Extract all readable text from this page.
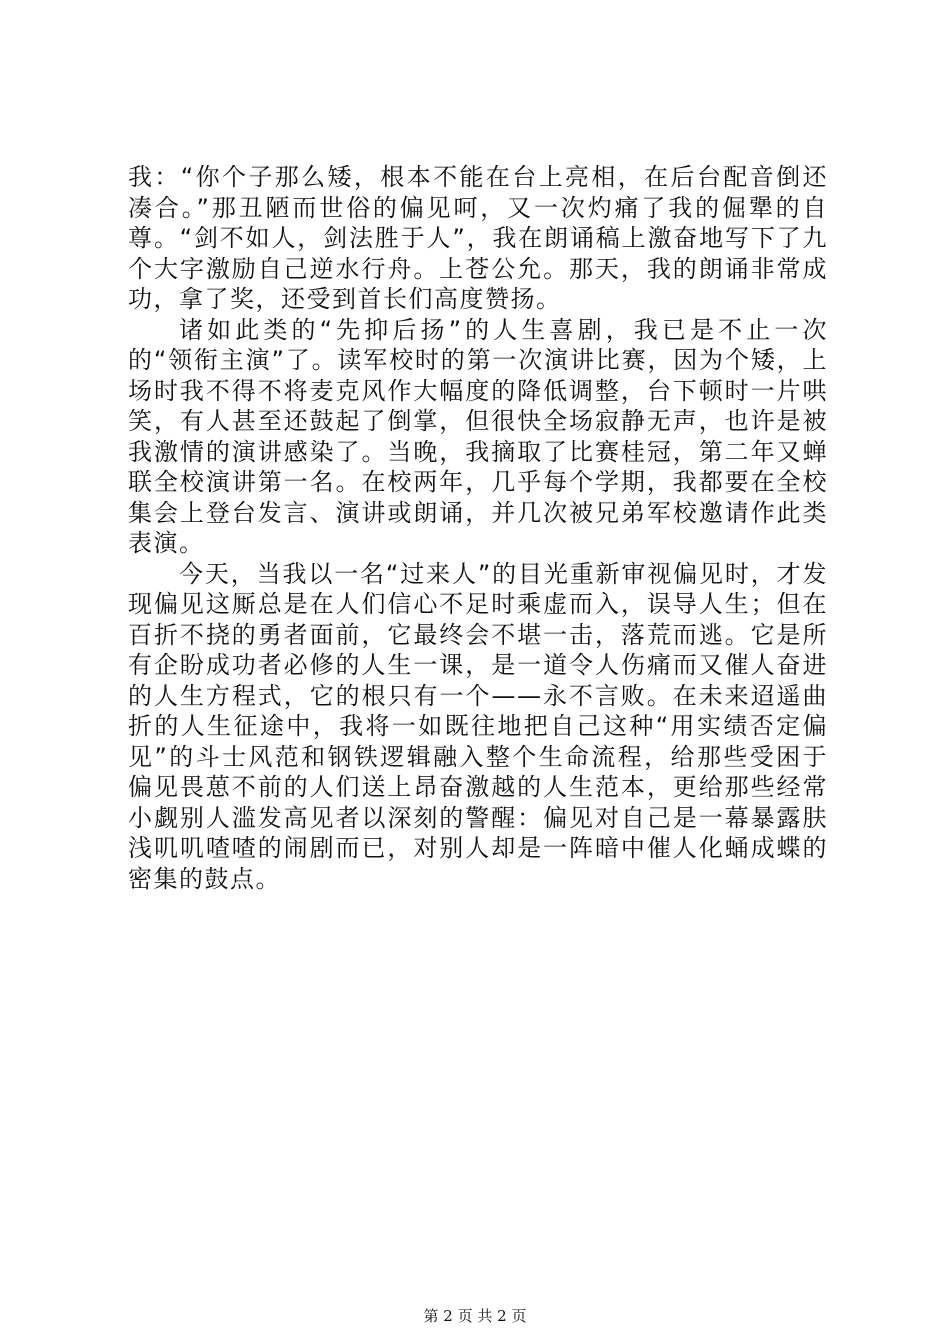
我：“你个子那么矮，根本不能在台上亮相，在后台配音倒还凑合。”那丑陋而世俗的偏见呵，又一次灼痛了我的倔犟的自尊。“剑不如人，剑法胜于人”，我在朗诵稿上激奋地写下了九个大字激励自己逆水行舟。上苍公允。那天，我的朗诵非常成功，拿了奖，还受到首长们高度赞扬。

诸如此类的“先抑后扬”的人生喜剧，我已是不止一次的“领衔主演”了。读军校时的第一次演讲比赛，因为个矮，上场时我不得不将麦克风作大幅度的降低调整，台下顿时一片哄笑，有人甚至还鼓起了倒掌，但很快全场寂静无声，也许是被我激情的演讲感染了。当晚，我摘取了比赛桂冠，第二年又蝉联全校演讲第一名。在校两年，几乎每个学期，我都要在全校集会上登台发言、演讲或朗诵，并几次被兄弟军校邀请作此类表演。

今天，当我以一名“过来人”的目光重新审视偏见时，才发现偏见这厮总是在人们信心不足时乘虚而入，误导人生；但在百折不挠的勇者面前，它最终会不堪一击，落荒而逃。它是所有企盼成功者必修的人生一课，是一道令人伤痛而又催人奋进的人生方程式，它的根只有一个——永不言败。在未来迢遥曲折的人生征途中，我将一如既往地把自己这种“用实绩否定偏见”的斗士风范和钢铁逻辑融入整个生命流程，给那些受困于偏见畏葸不前的人们送上昂奋激越的人生范本，更给那些经常小觑别人滥发高见者以深刻的警醒：偏见对自己是一幕暴露肤浅叽叽喳喳的闹剧而已，对别人却是一阵暗中催人化蛹成蝶的密集的鼓点。

第 2 页 共 2 页
